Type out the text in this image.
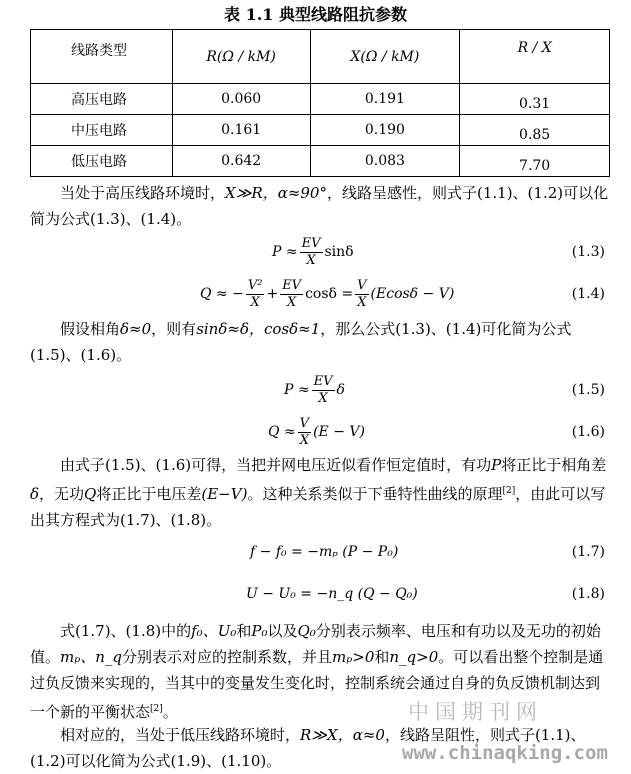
表 1.1 典型线路阻抗参数
线路类型	R(Ω / kM)	X(Ω / kM)	R / X
高压电路	0.060	0.191	0.31
中压电路	0.161	0.190	0.85
低压电路	0.642	0.083	7.70

当处于高压线路环境时，X≫R，α≈90°，线路呈感性，则式子(1.1)、(1.2)可以化简为公式(1.3)、(1.4)。

$P \approx \frac{EV}{X}$ sinδ	(1.3)
Q ≈ − $\frac{\text{V²}}{X} + \frac{EV}{X}$ $\cos\delta = \frac{V}{X} (Ecos\delta - V)$	(1.4)

假设相角δ≈0，则有sinδ≈δ，cosδ≈1，那么公式(1.3)、(1.4)可化简为公式(1.5)、(1.6)。

$P \approx \frac{EV}{X}$ δ	(1.5)
$Q \approx \frac{V}{X} (E - V)$	(1.6)

由式子(1.5)、(1.6)可得，当把并网电压近似看作恒定值时，有功P将正比于相角差δ，无功Q将正比于电压差(E−V)。这种关系类似于下垂特性曲线的原理[2]，由此可以写出其方程式为(1.7)、(1.8)。

f − f₀ = −mₚ (P − P₀)	(1.7)
U − U₀ = −n_q (Q − Q₀)	(1.8)

式(1.7)、(1.8)中的f₀、U₀和P₀以及Q₀分别表示频率、电压和有功以及无功的初始值。mₚ、n_q分别表示对应的控制系数，并且mₚ>0和n_q>0。可以看出整个控制是通过负反馈来实现的，当其中的变量发生变化时，控制系统会通过自身的负反馈机制达到一个新的平衡状态[2]。

相对应的，当处于低压线路环境时，R≫X，α≈0，线路呈阻性，则式子(1.1)、(1.2)可以化简为公式(1.9)、(1.10)。

中国期刊网
www.chinaqking.com
